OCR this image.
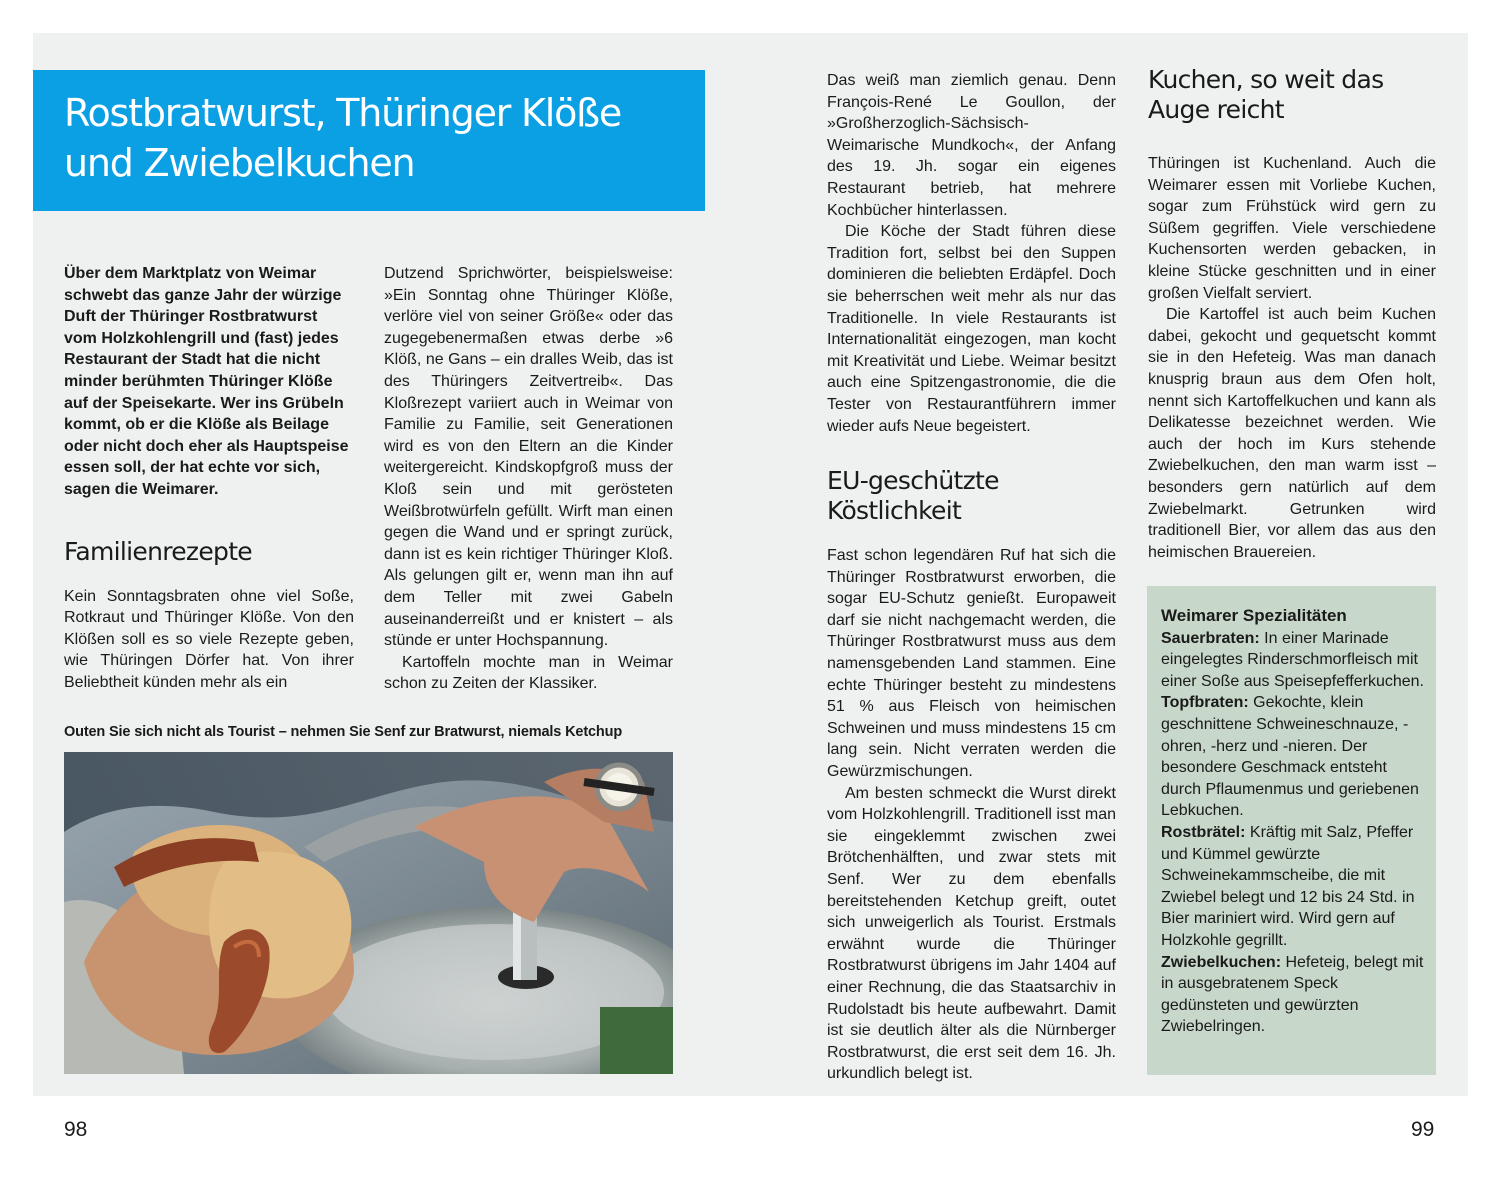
Rostbratwurst, Thüringer Klöße
und Zwiebelkuchen

Über dem Marktplatz von Weimar schwebt das ganze Jahr der würzige Duft der Thüringer Rostbratwurst vom Holzkohlengrill und (fast) jedes Restaurant der Stadt hat die nicht minder berühmten Thüringer Klöße auf der Speisekarte. Wer ins Grübeln kommt, ob er die Klöße als Beilage oder nicht doch eher als Hauptspeise essen soll, der hat echte vor sich, sagen die Weimarer.

Familienrezepte

Kein Sonntagsbraten ohne viel Soße, Rotkraut und Thüringer Klöße. Von den Klößen soll es so viele Rezepte geben, wie Thüringen Dörfer hat. Von ihrer Beliebtheit künden mehr als ein

Dutzend Sprichwörter, beispielsweise: »Ein Sonntag ohne Thüringer Klöße, verlöre viel von seiner Größe« oder das zugegebenermaßen etwas derbe »6 Klöß, ne Gans – ein dralles Weib, das ist des Thüringers Zeitvertreib«. Das Kloßrezept variiert auch in Weimar von Familie zu Familie, seit Generationen wird es von den Eltern an die Kinder weitergereicht. Kindskopfgroß muss der Kloß sein und mit gerösteten Weißbrotwürfeln gefüllt. Wirft man einen gegen die Wand und er springt zurück, dann ist es kein richtiger Thüringer Kloß. Als gelungen gilt er, wenn man ihn auf dem Teller mit zwei Gabeln auseinanderreißt und er knistert – als stünde er unter Hochspannung.

Kartoffeln mochte man in Weimar schon zu Zeiten der Klassiker.

Outen Sie sich nicht als Tourist – nehmen Sie Senf zur Bratwurst, niemals Ketchup

Das weiß man ziemlich genau. Denn François-René Le Goullon, der »Großherzoglich-Sächsisch-Weimarische Mundkoch«, der Anfang des 19. Jh. sogar ein eigenes Restaurant betrieb, hat mehrere Kochbücher hinterlassen.

Die Köche der Stadt führen diese Tradition fort, selbst bei den Suppen dominieren die beliebten Erdäpfel. Doch sie beherrschen weit mehr als nur das Traditionelle. In viele Restaurants ist Internationalität eingezogen, man kocht mit Kreativität und Liebe. Weimar besitzt auch eine Spitzengastronomie, die die Tester von Restaurantführern immer wieder aufs Neue begeistert.

EU-geschützte
Köstlichkeit

Fast schon legendären Ruf hat sich die Thüringer Rostbratwurst erworben, die sogar EU-Schutz genießt. Europaweit darf sie nicht nachgemacht werden, die Thüringer Rostbratwurst muss aus dem namensgebenden Land stammen. Eine echte Thüringer besteht zu mindestens 51 % aus Fleisch von heimischen Schweinen und muss mindestens 15 cm lang sein. Nicht verraten werden die Gewürzmischungen.

Am besten schmeckt die Wurst direkt vom Holzkohlengrill. Traditionell isst man sie eingeklemmt zwischen zwei Brötchenhälften, und zwar stets mit Senf. Wer zu dem ebenfalls bereitstehenden Ketchup greift, outet sich unweigerlich als Tourist. Erstmals erwähnt wurde die Thüringer Rostbratwurst übrigens im Jahr 1404 auf einer Rechnung, die das Staatsarchiv in Rudolstadt bis heute aufbewahrt. Damit ist sie deutlich älter als die Nürnberger Rostbratwurst, die erst seit dem 16. Jh. urkundlich belegt ist.

Kuchen, so weit das
Auge reicht

Thüringen ist Kuchenland. Auch die Weimarer essen mit Vorliebe Kuchen, sogar zum Frühstück wird gern zu Süßem gegriffen. Viele verschiedene Kuchensorten werden gebacken, in kleine Stücke geschnitten und in einer großen Vielfalt serviert.

Die Kartoffel ist auch beim Kuchen dabei, gekocht und gequetscht kommt sie in den Hefeteig. Was man danach knusprig braun aus dem Ofen holt, nennt sich Kartoffelkuchen und kann als Delikatesse bezeichnet werden. Wie auch der hoch im Kurs stehende Zwiebelkuchen, den man warm isst – besonders gern natürlich auf dem Zwiebelmarkt. Getrunken wird traditionell Bier, vor allem das aus den heimischen Brauereien.

Weimarer Spezialitäten

Sauerbraten: In einer Marinade eingelegtes Rinderschmorfleisch mit einer Soße aus Speisepfefferkuchen.

Topfbraten: Gekochte, klein geschnittene Schweineschnauze, -ohren, -herz und -nieren. Der besondere Geschmack entsteht durch Pflaumenmus und geriebenen Lebkuchen.

Rostbrätel: Kräftig mit Salz, Pfeffer und Kümmel gewürzte Schweinekammscheibe, die mit Zwiebel belegt und 12 bis 24 Std. in Bier mariniert wird. Wird gern auf Holzkohle gegrillt.

Zwiebelkuchen: Hefeteig, belegt mit in ausgebratenem Speck gedünsteten und gewürzten Zwiebelringen.

98	99
